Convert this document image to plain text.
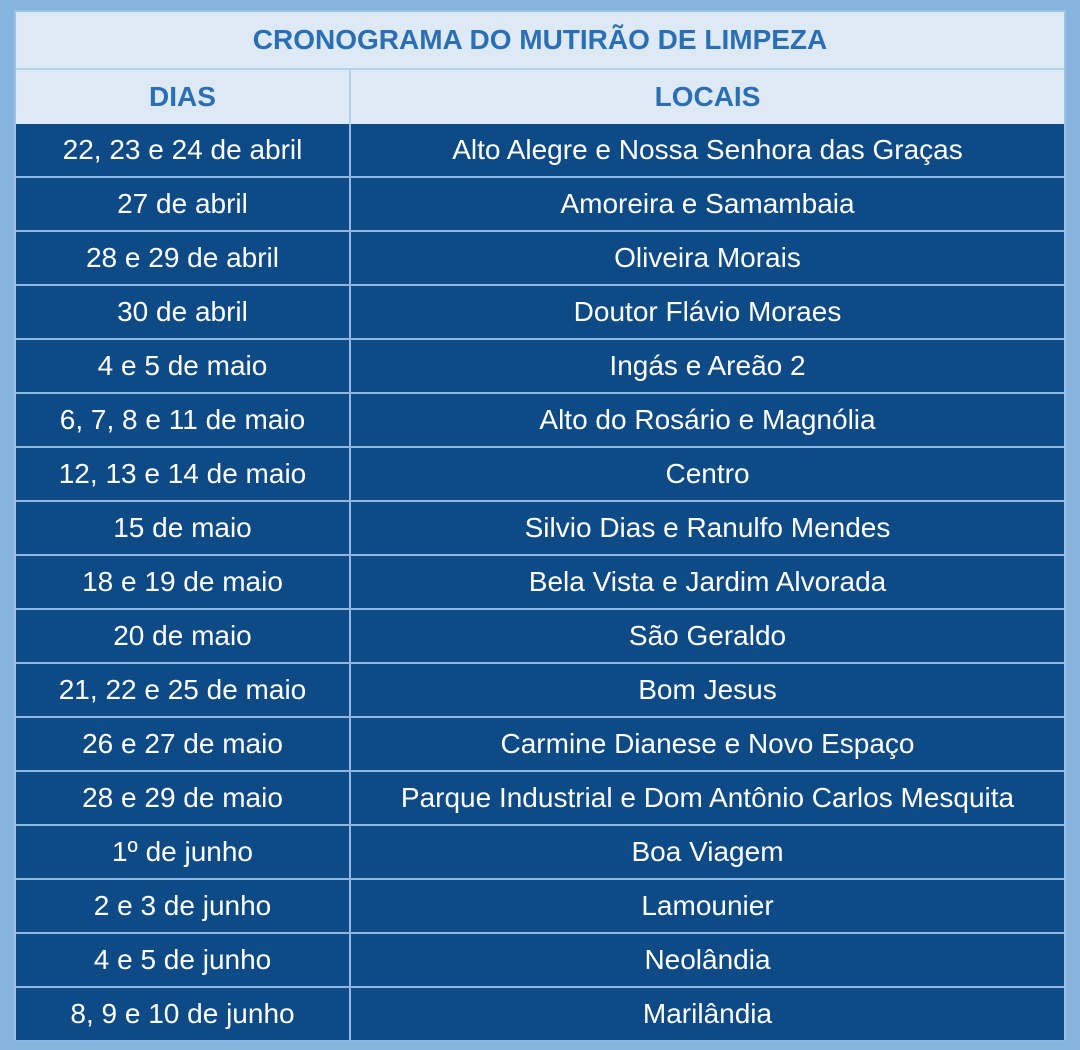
CRONOGRAMA DO MUTIRÃO DE LIMPEZA	
DIAS	LOCAIS
22, 23 e 24 de abril	Alto Alegre e Nossa Senhora das Graças
27 de abril	Amoreira e Samambaia
28 e 29 de abril	Oliveira Morais
30 de abril	Doutor Flávio Moraes
4 e 5 de maio	Ingás e Areão 2
6, 7, 8 e 11 de maio	Alto do Rosário e Magnólia
12, 13 e 14 de maio	Centro
15 de maio	Silvio Dias e Ranulfo Mendes
18 e 19 de maio	Bela Vista e Jardim Alvorada
20 de maio	São Geraldo
21, 22 e 25 de maio	Bom Jesus
26 e 27 de maio	Carmine Dianese e Novo Espaço
28 e 29 de maio	Parque Industrial e Dom Antônio Carlos Mesquita
1º de junho	Boa Viagem
2 e 3 de junho	Lamounier
4 e 5 de junho	Neolândia
8, 9 e 10 de junho	Marilândia
